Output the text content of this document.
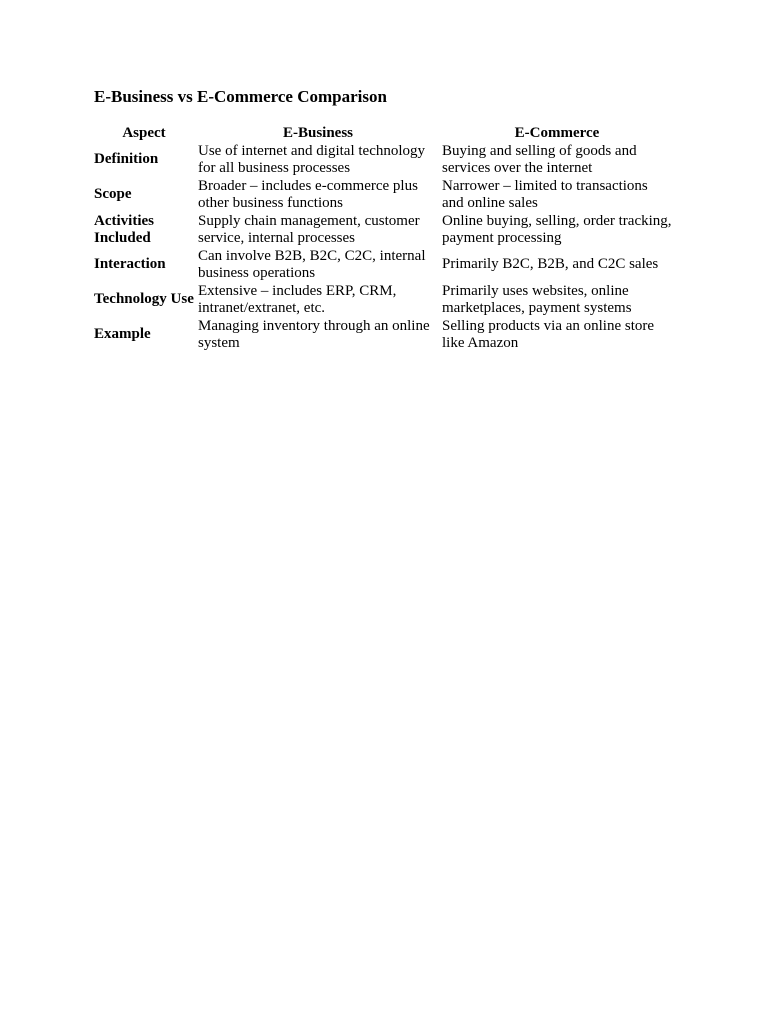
E-Business vs E-Commerce Comparison
Aspect	E-Business	E-Commerce
Definition	Use of internet and digital technology for all business processes	Buying and selling of goods and services over the internet
Scope	Broader – includes e-commerce plus other business functions	Narrower – limited to transactions and online sales
Activities Included	Supply chain management, customer service, internal processes	Online buying, selling, order tracking, payment processing
Interaction	Can involve B2B, B2C, C2C, internal business operations	Primarily B2C, B2B, and C2C sales
Technology Use	Extensive – includes ERP, CRM, intranet/extranet, etc.	Primarily uses websites, online marketplaces, payment systems
Example	Managing inventory through an online system	Selling products via an online store like Amazon
